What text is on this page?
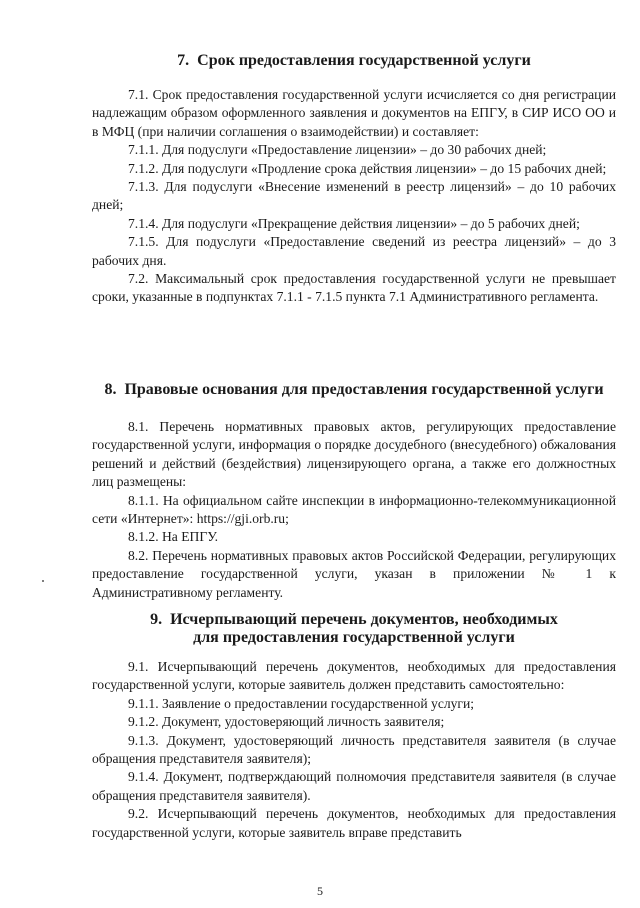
7. Срок предоставления государственной услуги

7.1. Срок предоставления государственной услуги исчисляется со дня регистрации надлежащим образом оформленного заявления и документов на ЕПГУ, в СИР ИСО ОО и в МФЦ (при наличии соглашения о взаимодействии) и составляет:

7.1.1. Для подуслуги «Предоставление лицензии» – до 30 рабочих дней;

7.1.2. Для подуслуги «Продление срока действия лицензии» – до 15 рабочих дней;

7.1.3. Для подуслуги «Внесение изменений в реестр лицензий» – до 10 рабочих дней;

7.1.4. Для подуслуги «Прекращение действия лицензии» – до 5 рабочих дней;

7.1.5. Для подуслуги «Предоставление сведений из реестра лицензий» – до 3 рабочих дня.

7.2. Максимальный срок предоставления государственной услуги не превышает сроки, указанные в подпунктах 7.1.1 - 7.1.5 пункта 7.1 Административного регламента.

8. Правовые основания для предоставления государственной услуги

8.1. Перечень нормативных правовых актов, регулирующих предоставление государственной услуги, информация о порядке досудебного (внесудебного) обжалования решений и действий (бездействия) лицензирующего органа, а также его должностных лиц размещены:

8.1.1. На официальном сайте инспекции в информационно-телекоммуникационной сети «Интернет»: https://gji.orb.ru;

8.1.2. На ЕПГУ.

8.2. Перечень нормативных правовых актов Российской Федерации, регулирующих предоставление государственной услуги, указан в приложении № 1 к Административному регламенту.

9. Исчерпывающий перечень документов, необходимых
для предоставления государственной услуги

9.1. Исчерпывающий перечень документов, необходимых для предоставления государственной услуги, которые заявитель должен представить самостоятельно:

9.1.1. Заявление о предоставлении государственной услуги;

9.1.2. Документ, удостоверяющий личность заявителя;

9.1.3. Документ, удостоверяющий личность представителя заявителя (в случае обращения представителя заявителя);

9.1.4. Документ, подтверждающий полномочия представителя заявителя (в случае обращения представителя заявителя).

9.2. Исчерпывающий перечень документов, необходимых для предоставления государственной услуги, которые заявитель вправе представить

5
